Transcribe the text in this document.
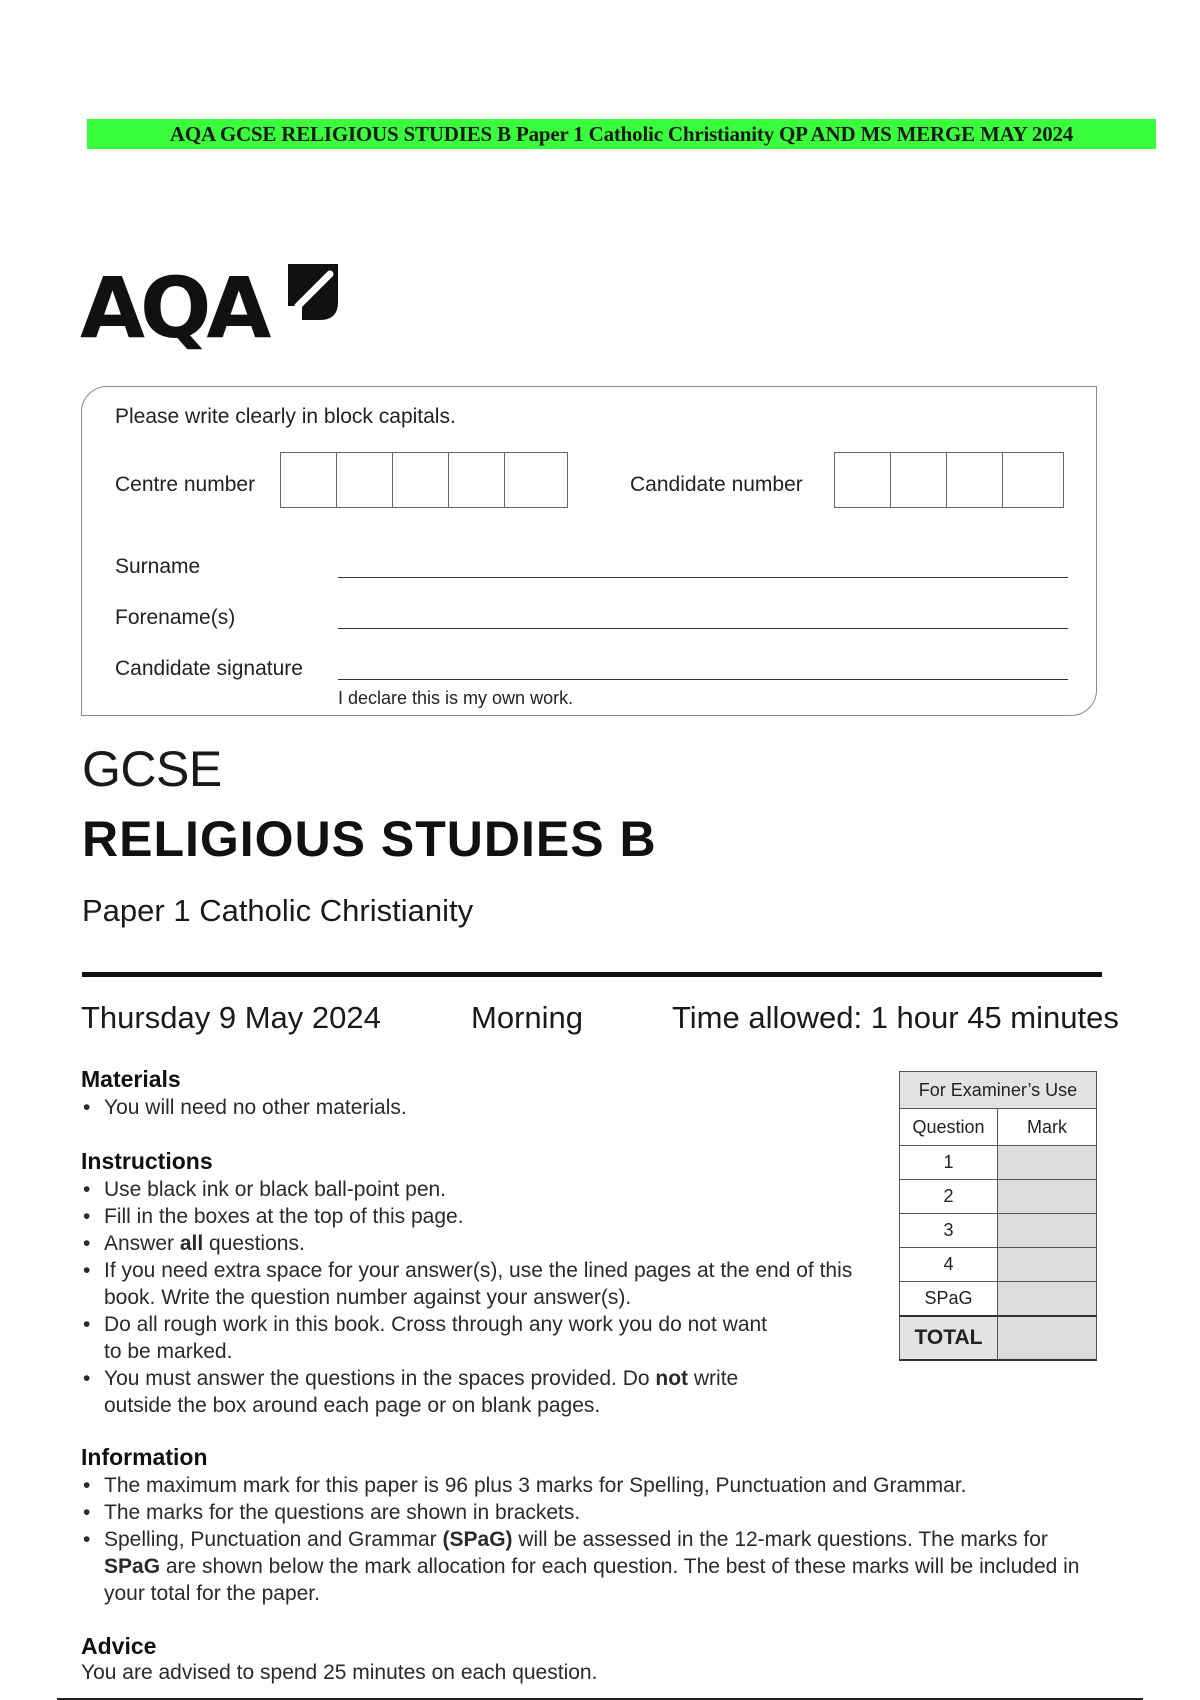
AQA GCSE RELIGIOUS STUDIES B Paper 1 Catholic Christianity QP AND MS MERGE MAY 2024
AQA
Please write clearly in block capitals.
Centre number	Candidate number
Surname
Forename(s)
Candidate signature
I declare this is my own work.
GCSE
RELIGIOUS STUDIES B
Paper 1 Catholic Christianity
Thursday 9 May 2024	Morning	Time allowed: 1 hour 45 minutes
Materials
• You will need no other materials.
Instructions
• Use black ink or black ball-point pen.
• Fill in the boxes at the top of this page.
• Answer all questions.
• If you need extra space for your answer(s), use the lined pages at the end of this book. Write the question number against your answer(s).
• Do all rough work in this book. Cross through any work you do not want to be marked.
• You must answer the questions in the spaces provided. Do not write outside the box around each page or on blank pages.
Information
• The maximum mark for this paper is 96 plus 3 marks for Spelling, Punctuation and Grammar.
• The marks for the questions are shown in brackets.
• Spelling, Punctuation and Grammar (SPaG) will be assessed in the 12-mark questions. The marks for SPaG are shown below the mark allocation for each question. The best of these marks will be included in your total for the paper.
Advice
You are advised to spend 25 minutes on each question.
For Examiner’s Use	
Question	Mark
1	
2	
3	
4	
SPaG	
TOTAL	
